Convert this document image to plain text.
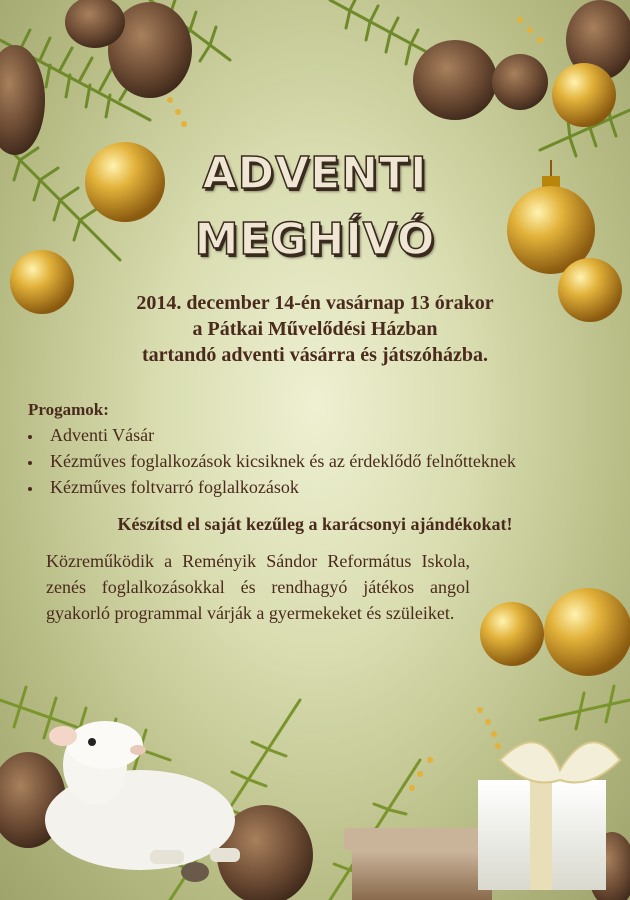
ADVENTI
MEGHÍVÓ
2014. december 14-én vasárnap 13 órakor
a Pátkai Művelődési Házban
tartandó adventi vásárra és játszóházba.
Progamok:
Adventi Vásár
Kézműves foglalkozások kicsiknek és az érdeklődő felnőtteknek
Kézműves foltvarró foglalkozások
Készítsd el saját kezűleg a karácsonyi ajándékokat!
Közreműködik a Reményik Sándor Református Iskola, zenés foglalkozásokkal és rendhagyó játékos angol gyakorló programmal várják a gyermekeket és szüleiket.
